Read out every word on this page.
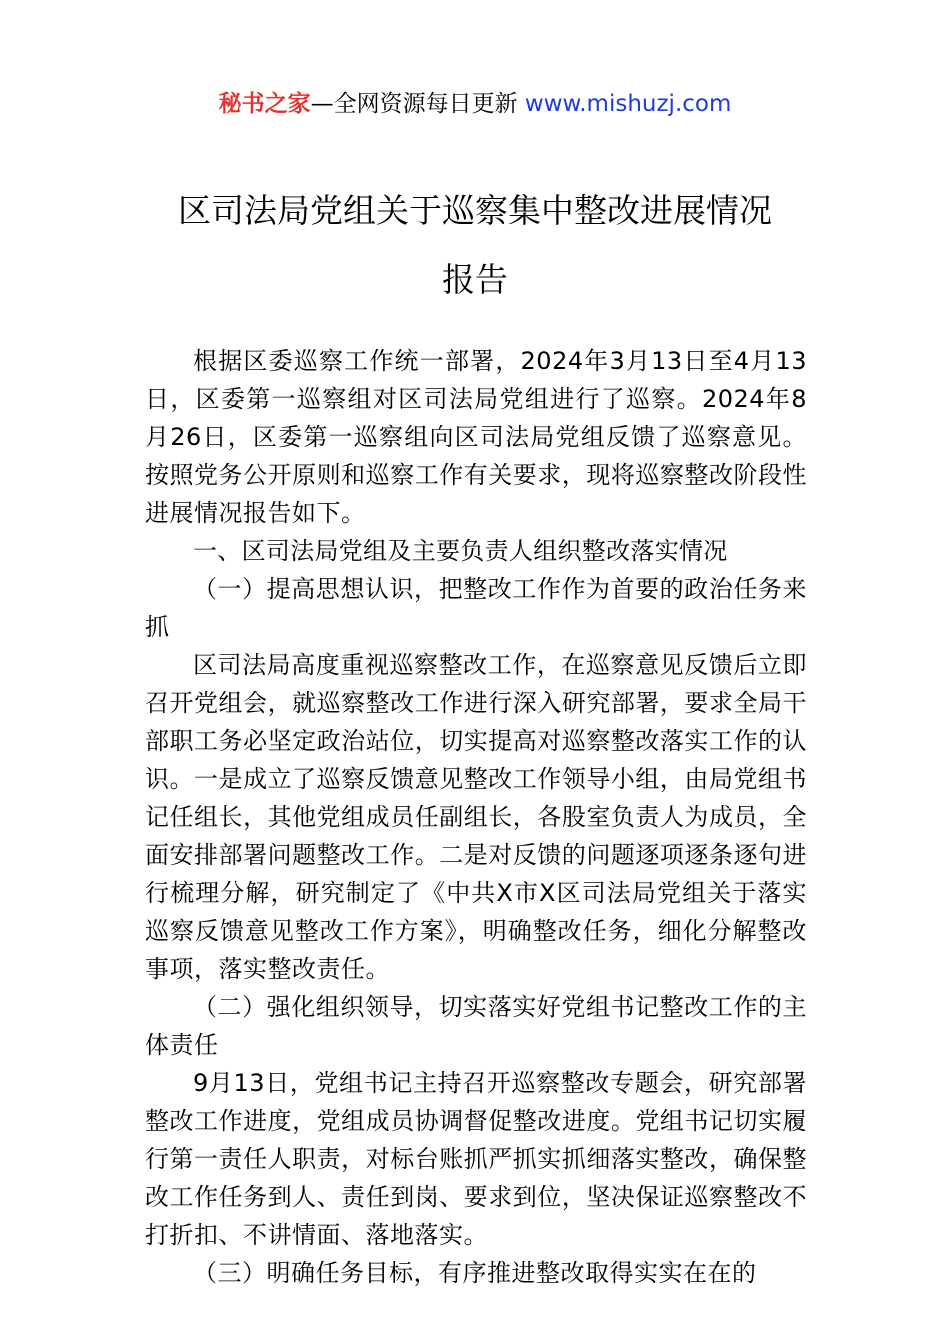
秘书之家—全网资源每日更新 www.mishuzj.com
区司法局党组关于巡察集中整改进展情况
报告

根据区委巡察工作统一部署，2024年3月13日至4月13日，区委第一巡察组对区司法局党组进行了巡察。2024年8月26日，区委第一巡察组向区司法局党组反馈了巡察意见。按照党务公开原则和巡察工作有关要求，现将巡察整改阶段性进展情况报告如下。

一、区司法局党组及主要负责人组织整改落实情况

（一）提高思想认识，把整改工作作为首要的政治任务来抓

区司法局高度重视巡察整改工作，在巡察意见反馈后立即召开党组会，就巡察整改工作进行深入研究部署，要求全局干部职工务必坚定政治站位，切实提高对巡察整改落实工作的认识。一是成立了巡察反馈意见整改工作领导小组，由局党组书记任组长，其他党组成员任副组长，各股室负责人为成员，全面安排部署问题整改工作。二是对反馈的问题逐项逐条逐句进行梳理分解，研究制定了《中共X市X区司法局党组关于落实巡察反馈意见整改工作方案》，明确整改任务，细化分解整改事项，落实整改责任。

（二）强化组织领导，切实落实好党组书记整改工作的主体责任

9月13日，党组书记主持召开巡察整改专题会，研究部署整改工作进度，党组成员协调督促整改进度。党组书记切实履行第一责任人职责，对标台账抓严抓实抓细落实整改，确保整改工作任务到人、责任到岗、要求到位，坚决保证巡察整改不打折扣、不讲情面、落地落实。

（三）明确任务目标，有序推进整改取得实实在在的
